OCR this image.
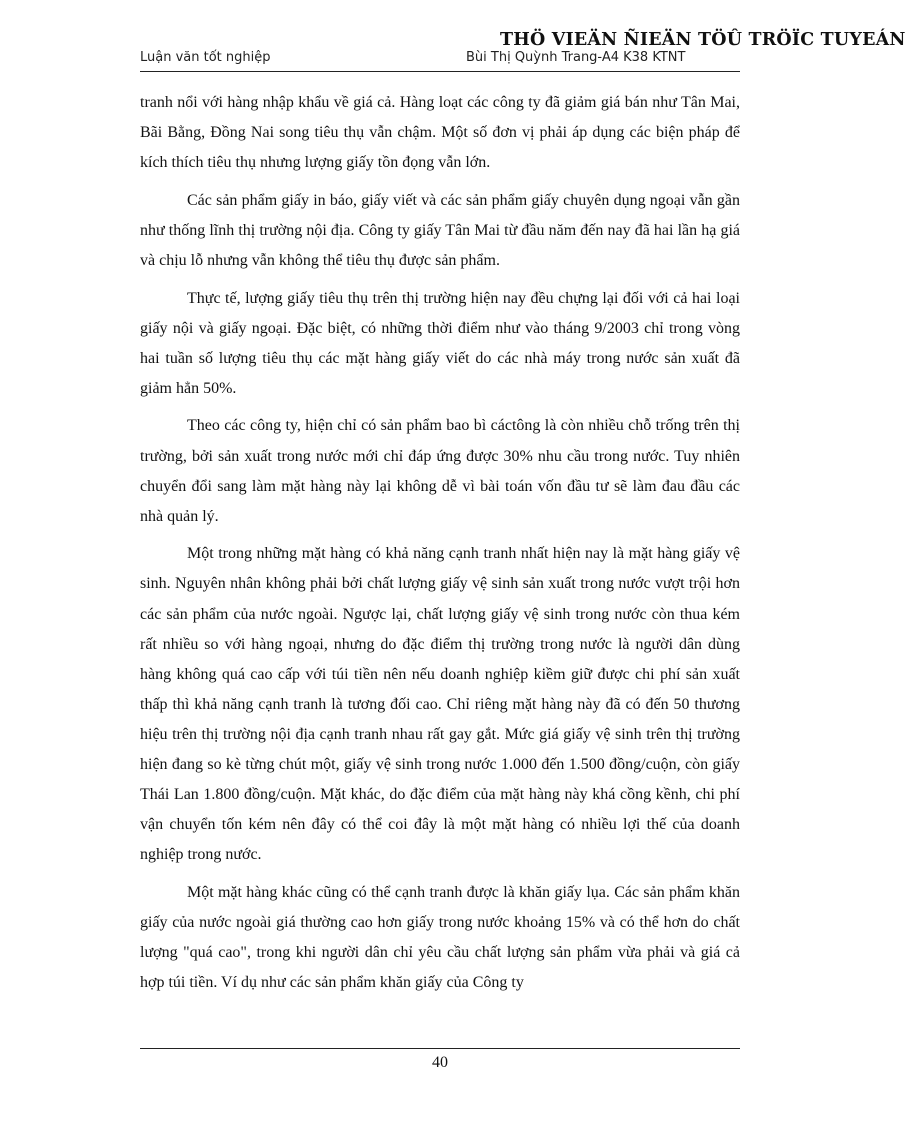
THÖ VIEÄN ÑIEÄN TÖÛ TRÖÏC TUYEÁN
Luận văn tốt nghiệp	Bùi Thị Quỳnh Trang-A4 K38 KTNT

tranh nổi với hàng nhập khẩu về giá cả. Hàng loạt các công ty đã giảm giá bán như Tân Mai, Bãi Bằng, Đồng Nai song tiêu thụ vẫn chậm. Một số đơn vị phải áp dụng các biện pháp để kích thích tiêu thụ nhưng lượng giấy tồn đọng vẫn lớn.

Các sản phẩm giấy in báo, giấy viết và các sản phẩm giấy chuyên dụng ngoại vẫn gần như thống lĩnh thị trường nội địa. Công ty giấy Tân Mai từ đầu năm đến nay đã hai lần hạ giá và chịu lỗ nhưng vẫn không thể tiêu thụ được sản phẩm.

Thực tế, lượng giấy tiêu thụ trên thị trường hiện nay đều chựng lại đối với cả hai loại giấy nội và giấy ngoại. Đặc biệt, có những thời điểm như vào tháng 9/2003 chỉ trong vòng hai tuần số lượng tiêu thụ các mặt hàng giấy viết do các nhà máy trong nước sản xuất đã giảm hẳn 50%.

Theo các công ty, hiện chỉ có sản phẩm bao bì cáctông là còn nhiều chỗ trống trên thị trường, bởi sản xuất trong nước mới chỉ đáp ứng được 30% nhu cầu trong nước. Tuy nhiên chuyển đổi sang làm mặt hàng này lại không dễ vì bài toán vốn đầu tư sẽ làm đau đầu các nhà quản lý.

Một trong những mặt hàng có khả năng cạnh tranh nhất hiện nay là mặt hàng giấy vệ sinh. Nguyên nhân không phải bởi chất lượng giấy vệ sinh sản xuất trong nước vượt trội hơn các sản phẩm của nước ngoài. Ngược lại, chất lượng giấy vệ sinh trong nước còn thua kém rất nhiều so với hàng ngoại, nhưng do đặc điểm thị trường trong nước là người dân dùng hàng không quá cao cấp với túi tiền nên nếu doanh nghiệp kiềm giữ được chi phí sản xuất thấp thì khả năng cạnh tranh là tương đối cao. Chỉ riêng mặt hàng này đã có đến 50 thương hiệu trên thị trường nội địa cạnh tranh nhau rất gay gắt. Mức giá giấy vệ sinh trên thị trường hiện đang so kè từng chút một, giấy vệ sinh trong nước 1.000 đến 1.500 đồng/cuộn, còn giấy Thái Lan 1.800 đồng/cuộn. Mặt khác, do đặc điểm của mặt hàng này khá cồng kềnh, chi phí vận chuyển tốn kém nên đây có thể coi đây là một mặt hàng có nhiều lợi thế của doanh nghiệp trong nước.

Một mặt hàng khác cũng có thể cạnh tranh được là khăn giấy lụa. Các sản phẩm khăn giấy của nước ngoài giá thường cao hơn giấy trong nước khoảng 15% và có thể hơn do chất lượng "quá cao", trong khi người dân chỉ yêu cầu chất lượng sản phẩm vừa phải và giá cả hợp túi tiền. Ví dụ như các sản phẩm khăn giấy của Công ty

40
